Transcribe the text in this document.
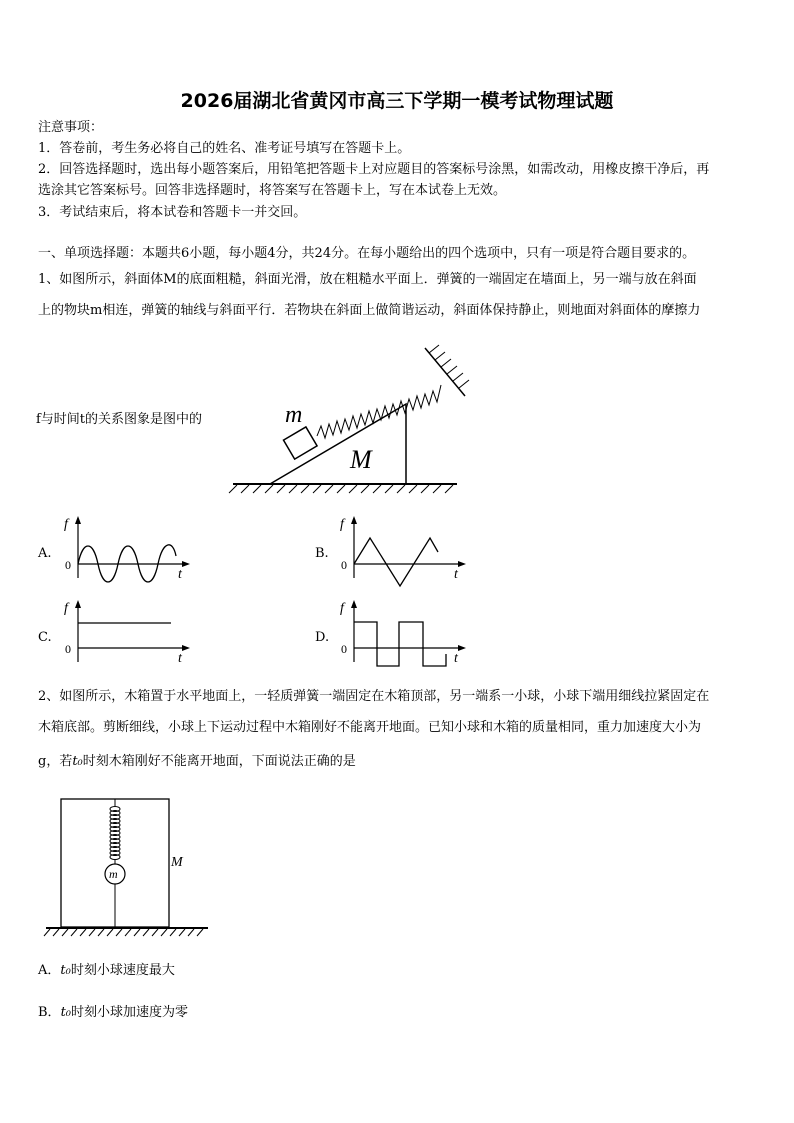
2026届湖北省黄冈市高三下学期一模考试物理试题
注意事项：
1．答卷前，考生务必将自己的姓名、准考证号填写在答题卡上。
2．回答选择题时，选出每小题答案后，用铅笔把答题卡上对应题目的答案标号涂黑，如需改动，用橡皮擦干净后，再
选涂其它答案标号。回答非选择题时，将答案写在答题卡上，写在本试卷上无效。
3．考试结束后，将本试卷和答题卡一并交回。
一、单项选择题：本题共6小题，每小题4分，共24分。在每小题给出的四个选项中，只有一项是符合题目要求的。
1、如图所示，斜面体M的底面粗糙，斜面光滑，放在粗糙水平面上．弹簧的一端固定在墙面上，另一端与放在斜面
上的物块m相连，弹簧的轴线与斜面平行．若物块在斜面上做简谐运动，斜面体保持静止，则地面对斜面体的摩擦力
f与时间t的关系图象是图中的	m
M
A.
f
0
t
B.
f
0
t
C.
f
0
t
D.
f
0
t
2、如图所示，木箱置于水平地面上，一轻质弹簧一端固定在木箱顶部，另一端系一小球，小球下端用细线拉紧固定在
木箱底部。剪断细线，小球上下运动过程中木箱刚好不能离开地面。已知小球和木箱的质量相同，重力加速度大小为
g，若t₀时刻木箱刚好不能离开地面，下面说法正确的是
m
M
A．t₀时刻小球速度最大
B．t₀时刻小球加速度为零
